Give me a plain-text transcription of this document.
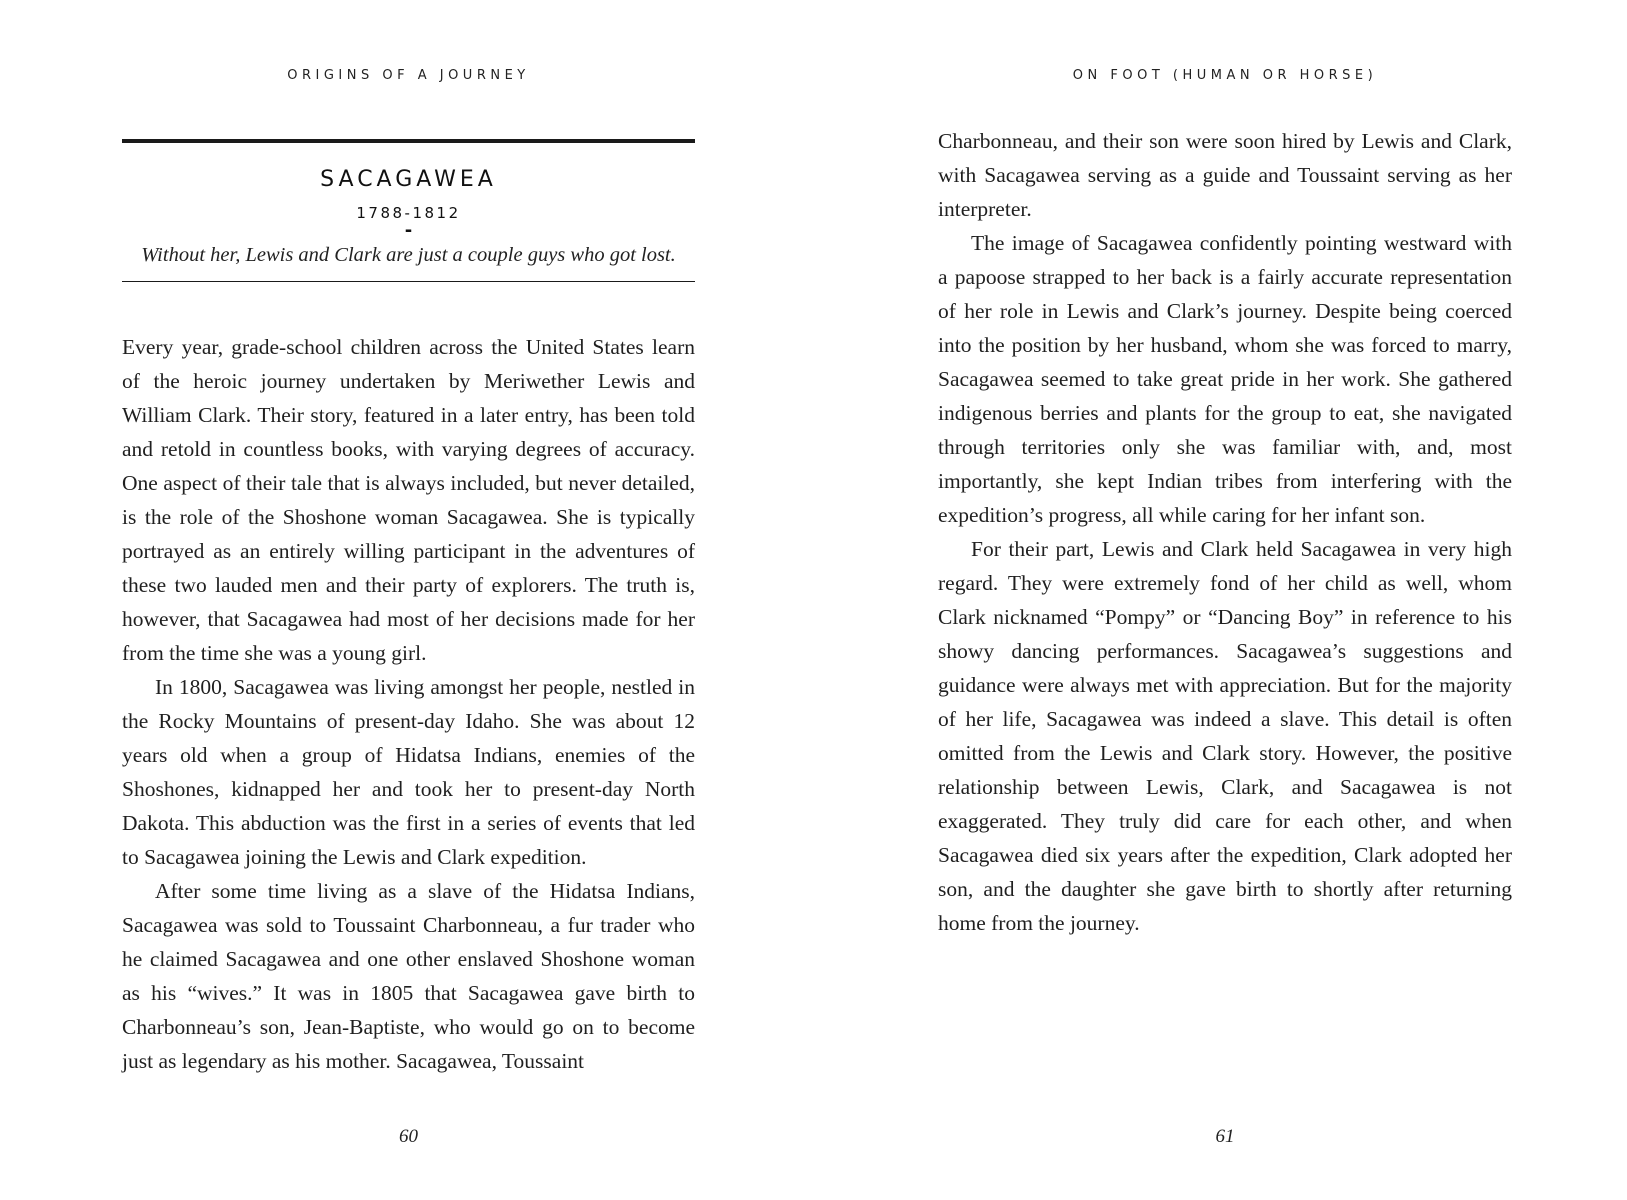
ORIGINS OF A JOURNEY
SACAGAWEA
1788-1812
-
Without her, Lewis and Clark are just a couple guys who got lost.

Every year, grade-school children across the United States learn of the heroic journey undertaken by Meriwether Lewis and William Clark. Their story, featured in a later entry, has been told and retold in countless books, with varying degrees of accuracy. One aspect of their tale that is always included, but never detailed, is the role of the Shoshone woman Sacagawea. She is typically portrayed as an entirely willing participant in the adventures of these two lauded men and their party of explorers. The truth is, however, that Sacagawea had most of her decisions made for her from the time she was a young girl.

In 1800, Sacagawea was living amongst her people, nestled in the Rocky Mountains of present-day Idaho. She was about 12 years old when a group of Hidatsa Indians, enemies of the Shoshones, kidnapped her and took her to present-day North Dakota. This abduction was the first in a series of events that led to Sacagawea joining the Lewis and Clark expedition.

After some time living as a slave of the Hidatsa Indians, Sacagawea was sold to Toussaint Charbonneau, a fur trader who he claimed Sacagawea and one other enslaved Shoshone woman as his “wives.” It was in 1805 that Sacagawea gave birth to Charbonneau’s son, Jean-Baptiste, who would go on to become just as legendary as his mother. Sacagawea, Toussaint

60
ON FOOT (HUMAN OR HORSE)

Charbonneau, and their son were soon hired by Lewis and Clark, with Sacagawea serving as a guide and Toussaint serving as her interpreter.

The image of Sacagawea confidently pointing westward with a papoose strapped to her back is a fairly accurate representation of her role in Lewis and Clark’s journey. Despite being coerced into the position by her husband, whom she was forced to marry, Sacagawea seemed to take great pride in her work. She gathered indigenous berries and plants for the group to eat, she navigated through territories only she was familiar with, and, most importantly, she kept Indian tribes from interfering with the expedition’s progress, all while caring for her infant son.

For their part, Lewis and Clark held Sacagawea in very high regard. They were extremely fond of her child as well, whom Clark nicknamed “Pompy” or “Dancing Boy” in reference to his showy dancing performances. Sacagawea’s suggestions and guidance were always met with appreciation. But for the majority of her life, Sacagawea was indeed a slave. This detail is often omitted from the Lewis and Clark story. However, the positive relationship between Lewis, Clark, and Sacagawea is not exaggerated. They truly did care for each other, and when Sacagawea died six years after the expedition, Clark adopted her son, and the daughter she gave birth to shortly after returning home from the journey.

61
